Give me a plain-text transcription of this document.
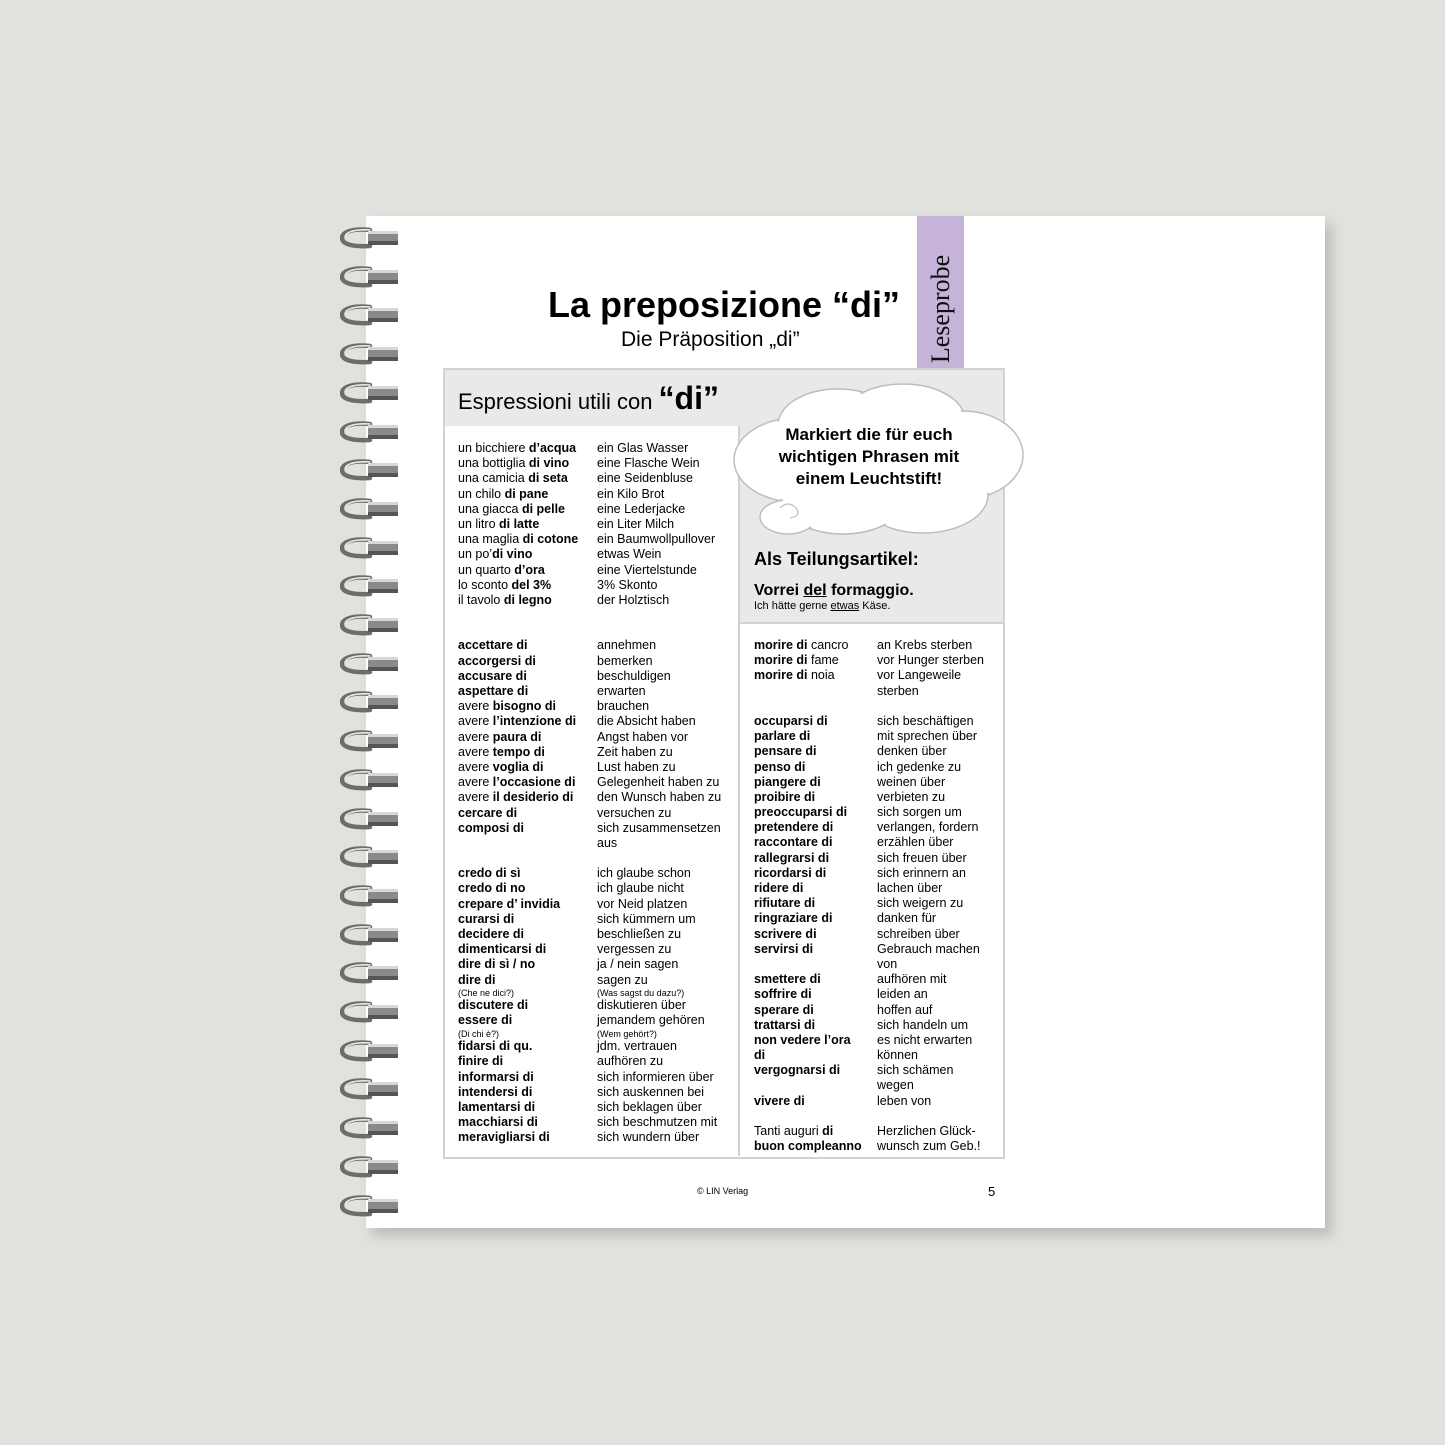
Leseprobe
La preposizione “di”
Die Präposition „di”
Espressioni utili con “di”
Markiert die für euch wichtigen Phrasen mit einem Leuchtstift!
Als Teilungsartikel:
Vorrei del formaggio.
Ich hätte gerne etwas Käse.
un bicchiere d’acqua
una bottiglia di vino
una camicia di seta
un chilo di pane
una giacca di pelle
un litro di latte
una maglia di cotone
un po’di vino
un quarto d’ora
lo sconto del 3%
il tavolo di legno
accettare di
accorgersi di
accusare di
aspettare di
avere bisogno di
avere l’intenzione di
avere paura di
avere tempo di
avere voglia di
avere l’occasione di
avere il desiderio di
cercare di
composi di
credo di sì
credo di no
crepare d’ invidia
curarsi di
decidere di
dimenticarsi di
dire di sì / no
dire di
(Che ne dici?)
discutere di
essere di
(Di chi è?)
fidarsi di qu.
finire di
informarsi di
intendersi di
lamentarsi di
macchiarsi di
meravigliarsi di
ein Glas Wasser
eine Flasche Wein
eine Seidenbluse
ein Kilo Brot
eine Lederjacke
ein Liter Milch
ein Baumwollpullover
etwas Wein
eine Viertelstunde
3% Skonto
der Holztisch
annehmen
bemerken
beschuldigen
erwarten
brauchen
die Absicht haben
Angst haben vor
Zeit haben zu
Lust haben zu
Gelegenheit haben zu
den Wunsch haben zu
versuchen zu
sich zusammensetzen
aus
ich glaube schon
ich glaube nicht
vor Neid platzen
sich kümmern um
beschließen zu
vergessen zu
ja / nein sagen
sagen zu
(Was sagst du dazu?)
diskutieren über
jemandem gehören
(Wem gehört?)
jdm. vertrauen
aufhören zu
sich informieren über
sich auskennen bei
sich beklagen über
sich beschmutzen mit
sich wundern über
morire di cancro
morire di fame
morire di noia
occuparsi di
parlare di
pensare di
penso di
piangere di
proibire di
preoccuparsi di
pretendere di
raccontare di
rallegrarsi di
ricordarsi di
ridere di
rifiutare di
ringraziare di
scrivere di
servirsi di
smettere di
soffrire di
sperare di
trattarsi di
non vedere l’ora
di
vergognarsi di
vivere di
Tanti auguri di
buon compleanno
an Krebs sterben
vor Hunger sterben
vor Langeweile
sterben
sich beschäftigen
mit sprechen über
denken über
ich gedenke zu
weinen über
verbieten zu
sich sorgen um
verlangen, fordern
erzählen über
sich freuen über
sich erinnern an
lachen über
sich weigern zu
danken für
schreiben über
Gebrauch machen
von
aufhören mit
leiden an
hoffen auf
sich handeln um
es nicht erwarten
können
sich schämen
wegen
leben von
Herzlichen Glück-
wunsch zum Geb.!
© LIN Verlag	5
